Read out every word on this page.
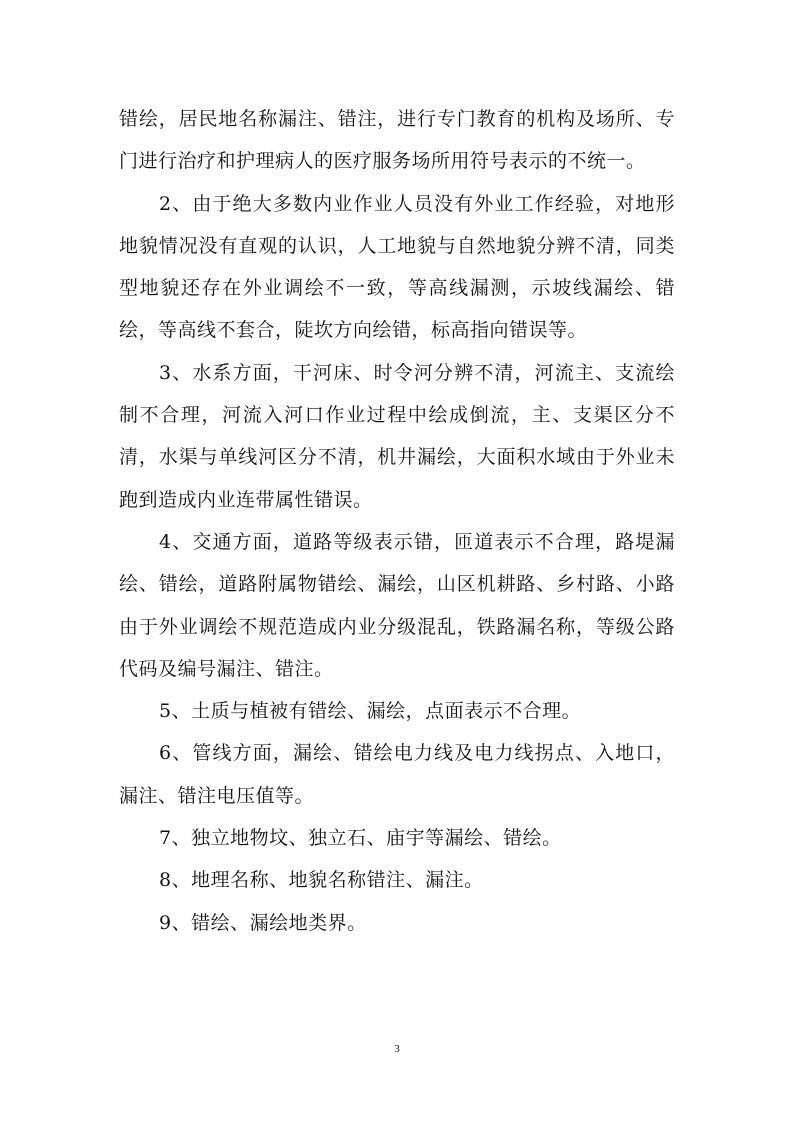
错绘，居民地名称漏注、错注，进行专门教育的机构及场所、专门进行治疗和护理病人的医疗服务场所用符号表示的不统一。

2、由于绝大多数内业作业人员没有外业工作经验，对地形地貌情况没有直观的认识，人工地貌与自然地貌分辨不清，同类型地貌还存在外业调绘不一致，等高线漏测，示坡线漏绘、错绘，等高线不套合，陡坎方向绘错，标高指向错误等。

3、水系方面，干河床、时令河分辨不清，河流主、支流绘制不合理，河流入河口作业过程中绘成倒流，主、支渠区分不清，水渠与单线河区分不清，机井漏绘，大面积水域由于外业未跑到造成内业连带属性错误。

4、交通方面，道路等级表示错，匝道表示不合理，路堤漏绘、错绘，道路附属物错绘、漏绘，山区机耕路、乡村路、小路由于外业调绘不规范造成内业分级混乱，铁路漏名称，等级公路代码及编号漏注、错注。

5、土质与植被有错绘、漏绘，点面表示不合理。

6、管线方面，漏绘、错绘电力线及电力线拐点、入地口，漏注、错注电压值等。

7、独立地物坟、独立石、庙宇等漏绘、错绘。

8、地理名称、地貌名称错注、漏注。

9、错绘、漏绘地类界。

3
